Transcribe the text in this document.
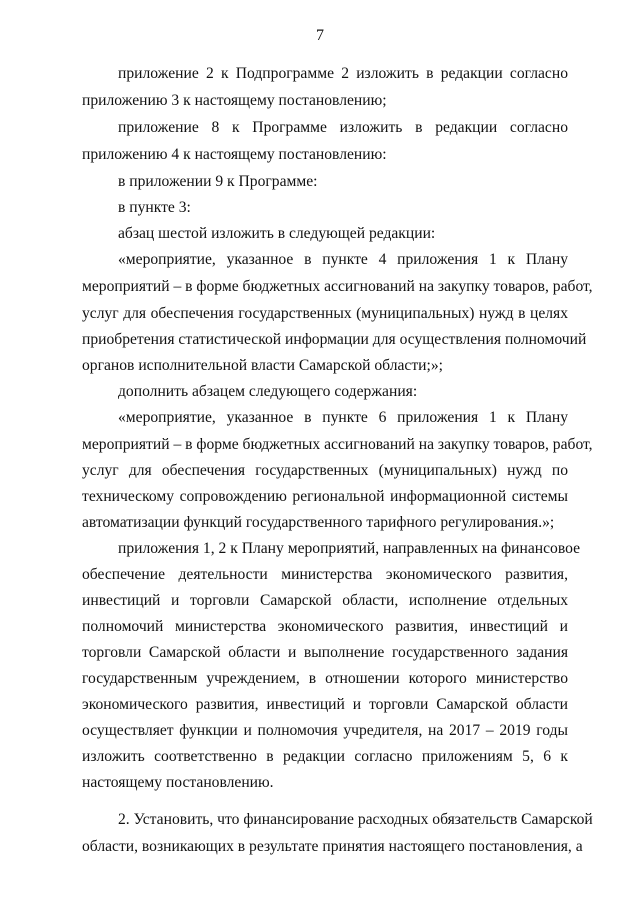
7
приложение 2 к Подпрограмме 2 изложить в редакции согласно
приложению 3 к настоящему постановлению;
приложение 8 к Программе изложить в редакции согласно
приложению 4 к настоящему постановлению:
в приложении 9 к Программе:
в пункте 3:
абзац шестой изложить в следующей редакции:
«мероприятие, указанное в пункте 4 приложения 1 к Плану
мероприятий – в форме бюджетных ассигнований на закупку товаров, работ,
услуг для обеспечения государственных (муниципальных) нужд в целях
приобретения статистической информации для осуществления полномочий
органов исполнительной власти Самарской области;»;
дополнить абзацем следующего содержания:
«мероприятие, указанное в пункте 6 приложения 1 к Плану
мероприятий – в форме бюджетных ассигнований на закупку товаров, работ,
услуг для обеспечения государственных (муниципальных) нужд по
техническому сопровождению региональной информационной системы
автоматизации функций государственного тарифного регулирования.»;
приложения 1, 2 к Плану мероприятий, направленных на финансовое
обеспечение деятельности министерства экономического развития,
инвестиций и торговли Самарской области, исполнение отдельных
полномочий министерства экономического развития, инвестиций и
торговли Самарской области и выполнение государственного задания
государственным учреждением, в отношении которого министерство
экономического развития, инвестиций и торговли Самарской области
осуществляет функции и полномочия учредителя, на 2017 – 2019 годы
изложить соответственно в редакции согласно приложениям 5, 6 к
настоящему постановлению.
2. Установить, что финансирование расходных обязательств Самарской
области, возникающих в результате принятия настоящего постановления, а
